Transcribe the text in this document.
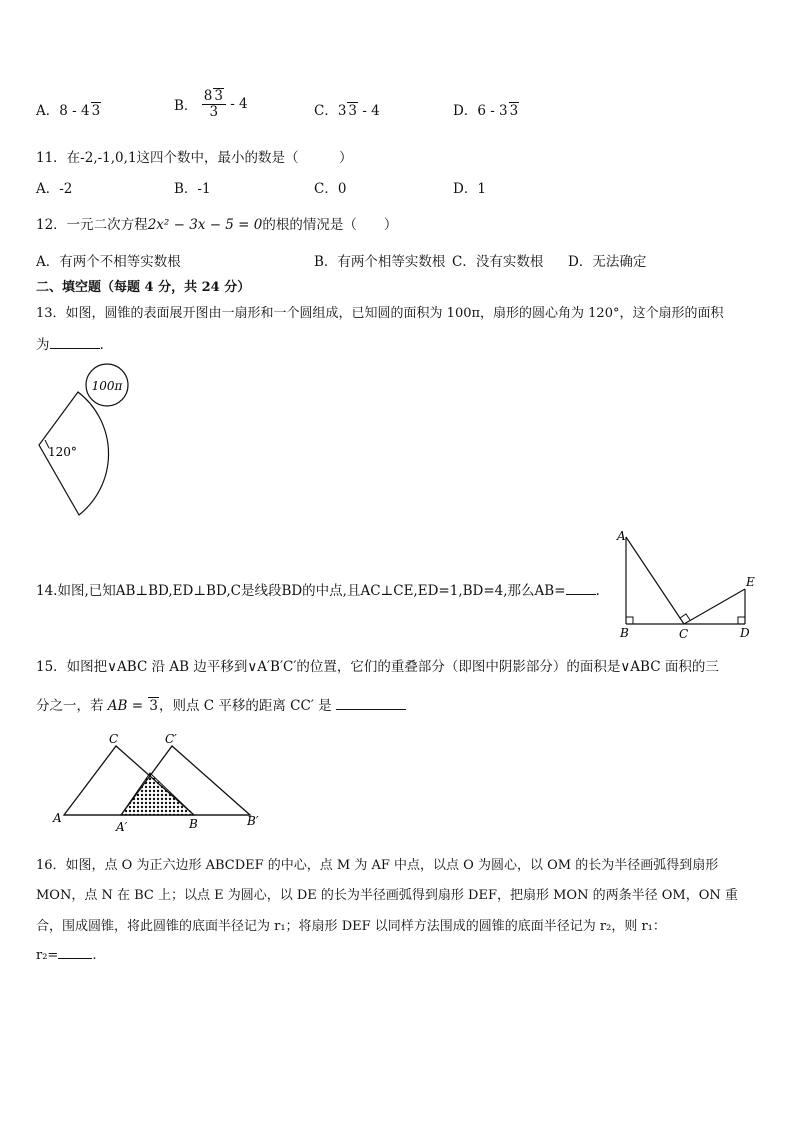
A．8 - 4 3	B． $\frac{8 3}{3} - 4$	C．3 3 - 4	D．6 - 3 3
11．在-2,-1,0,1这四个数中，最小的数是（　　　）
A．-2	B．-1	C．0	D．1
12．一元二次方程2x² − 3x − 5 = 0的根的情况是（　　）
A．有两个不相等实数根	B．有两个相等实数根 C．没有实数根 D．无法确定
二、填空题（每题 4 分，共 24 分）
13．如图，圆锥的表面展开图由一扇形和一个圆组成，已知圆的面积为 100π，扇形的圆心角为 120°，这个扇形的面积
为	.
100π
120°
14.如图,已知AB⊥BD,ED⊥BD,C是线段BD的中点,且AC⊥CE,ED=1,BD=4,那么AB= .
A
B	C	D
E
15．如图把∨ABC 沿 AB 边平移到∨A′B′C′的位置，它们的重叠部分（即图中阴影部分）的面积是∨ABC 面积的三
分之一，若 AB = 3，则点 C 平移的距离 CC′ 是
A
A′	B	B′
C	C′
16．如图，点 O 为正六边形 ABCDEF 的中心，点 M 为 AF 中点，以点 O 为圆心，以 OM 的长为半径画弧得到扇形
MON，点 N 在 BC 上；以点 E 为圆心，以 DE 的长为半径画弧得到扇形 DEF，把扇形 MON 的两条半径 OM，ON 重
合，围成圆锥，将此圆锥的底面半径记为 r₁；将扇形 DEF 以同样方法围成的圆锥的底面半径记为 r₂，则 r₁：
r₂=	.
